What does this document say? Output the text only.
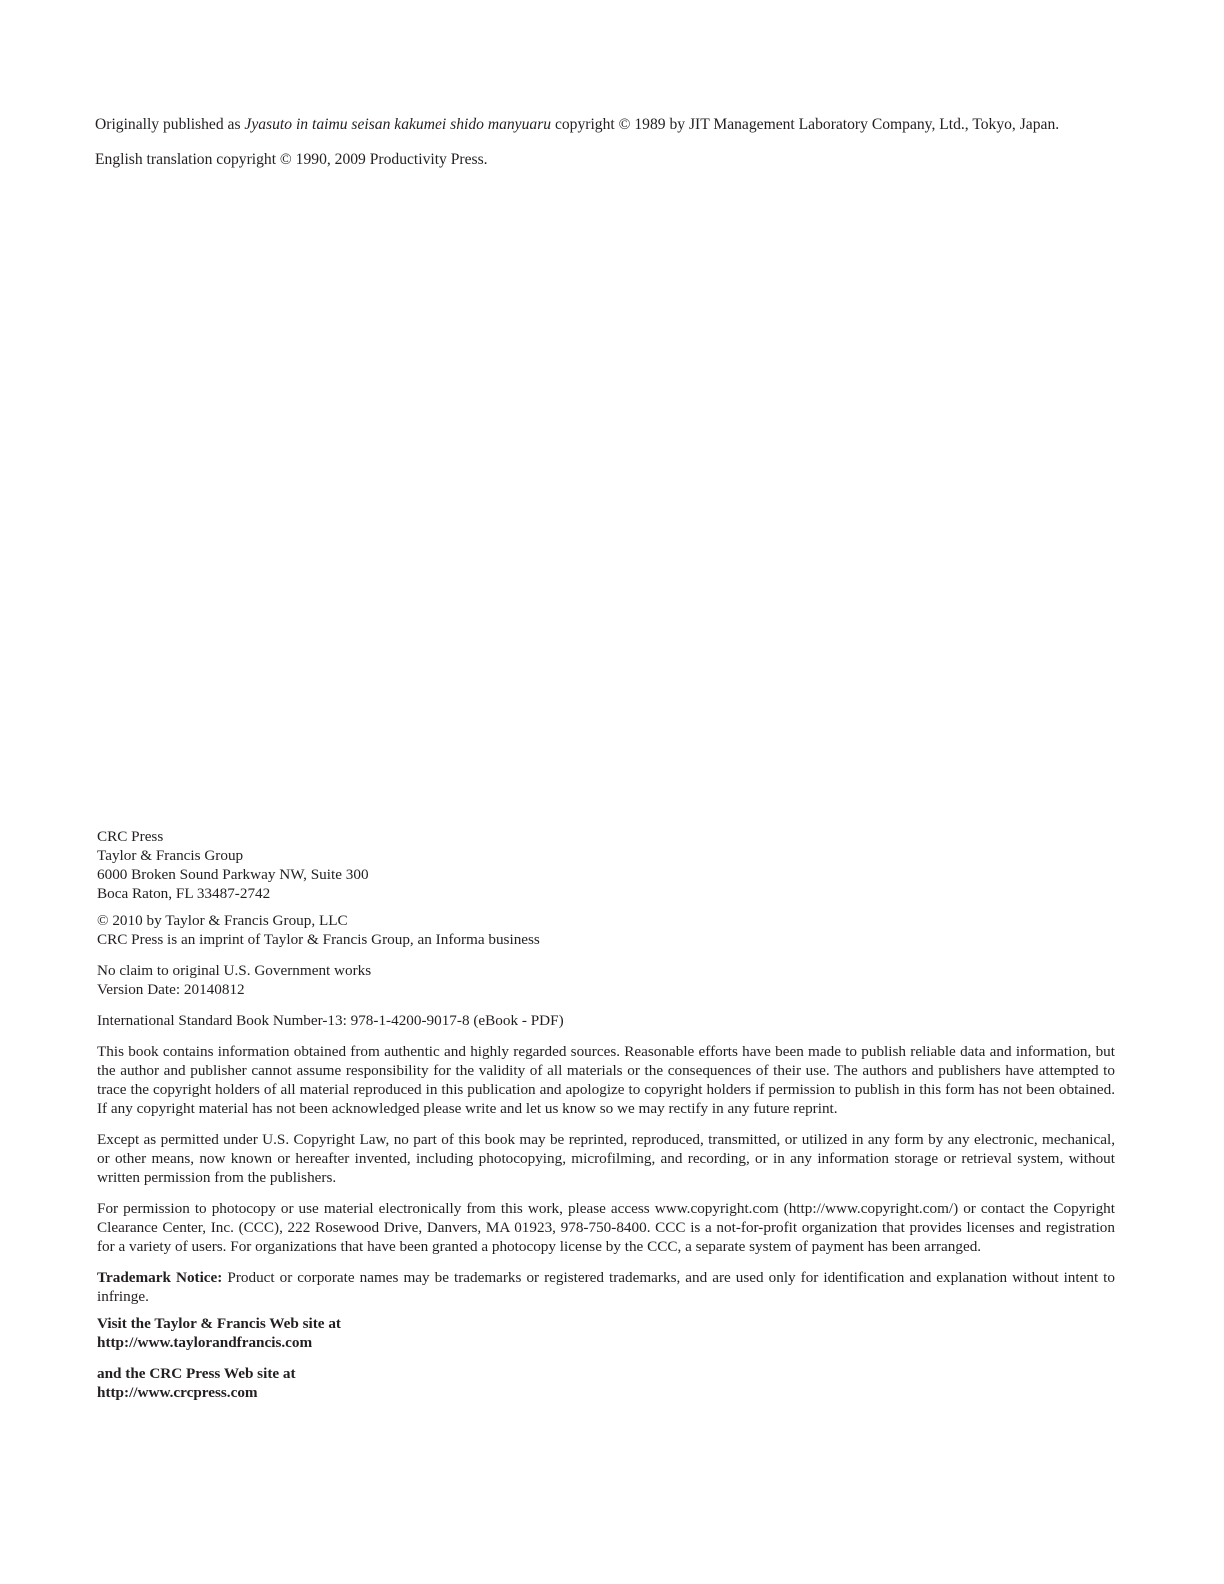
Originally published as Jyasuto in taimu seisan kakumei shido manyuaru copyright © 1989 by JIT Management Laboratory Company, Ltd., Tokyo, Japan.

English translation copyright © 1990, 2009 Productivity Press.

CRC Press
Taylor & Francis Group
6000 Broken Sound Parkway NW, Suite 300
Boca Raton, FL 33487-2742
© 2010 by Taylor & Francis Group, LLC
CRC Press is an imprint of Taylor & Francis Group, an Informa business
No claim to original U.S. Government works
Version Date: 20140812
International Standard Book Number-13: 978-1-4200-9017-8 (eBook - PDF)
This book contains information obtained from authentic and highly regarded sources. Reasonable efforts have been made to publish reliable data and information, but the author and publisher cannot assume responsibility for the validity of all materials or the consequences of their use. The authors and publishers have attempted to trace the copyright holders of all material reproduced in this publication and apologize to copyright holders if permission to publish in this form has not been obtained. If any copyright material has not been acknowledged please write and let us know so we may rectify in any future reprint.
Except as permitted under U.S. Copyright Law, no part of this book may be reprinted, reproduced, transmitted, or utilized in any form by any electronic, mechanical, or other means, now known or hereafter invented, including photocopying, microfilming, and recording, or in any information storage or retrieval system, without written permission from the publishers.
For permission to photocopy or use material electronically from this work, please access www.copyright.com (http://www.copyright.com/) or contact the Copyright Clearance Center, Inc. (CCC), 222 Rosewood Drive, Danvers, MA 01923, 978-750-8400. CCC is a not-for-profit organization that provides licenses and registration for a variety of users. For organizations that have been granted a photocopy license by the CCC, a separate system of payment has been arranged.
Trademark Notice: Product or corporate names may be trademarks or registered trademarks, and are used only for identification and explanation without intent to infringe.
Visit the Taylor & Francis Web site at
http://www.taylorandfrancis.com
and the CRC Press Web site at
http://www.crcpress.com
